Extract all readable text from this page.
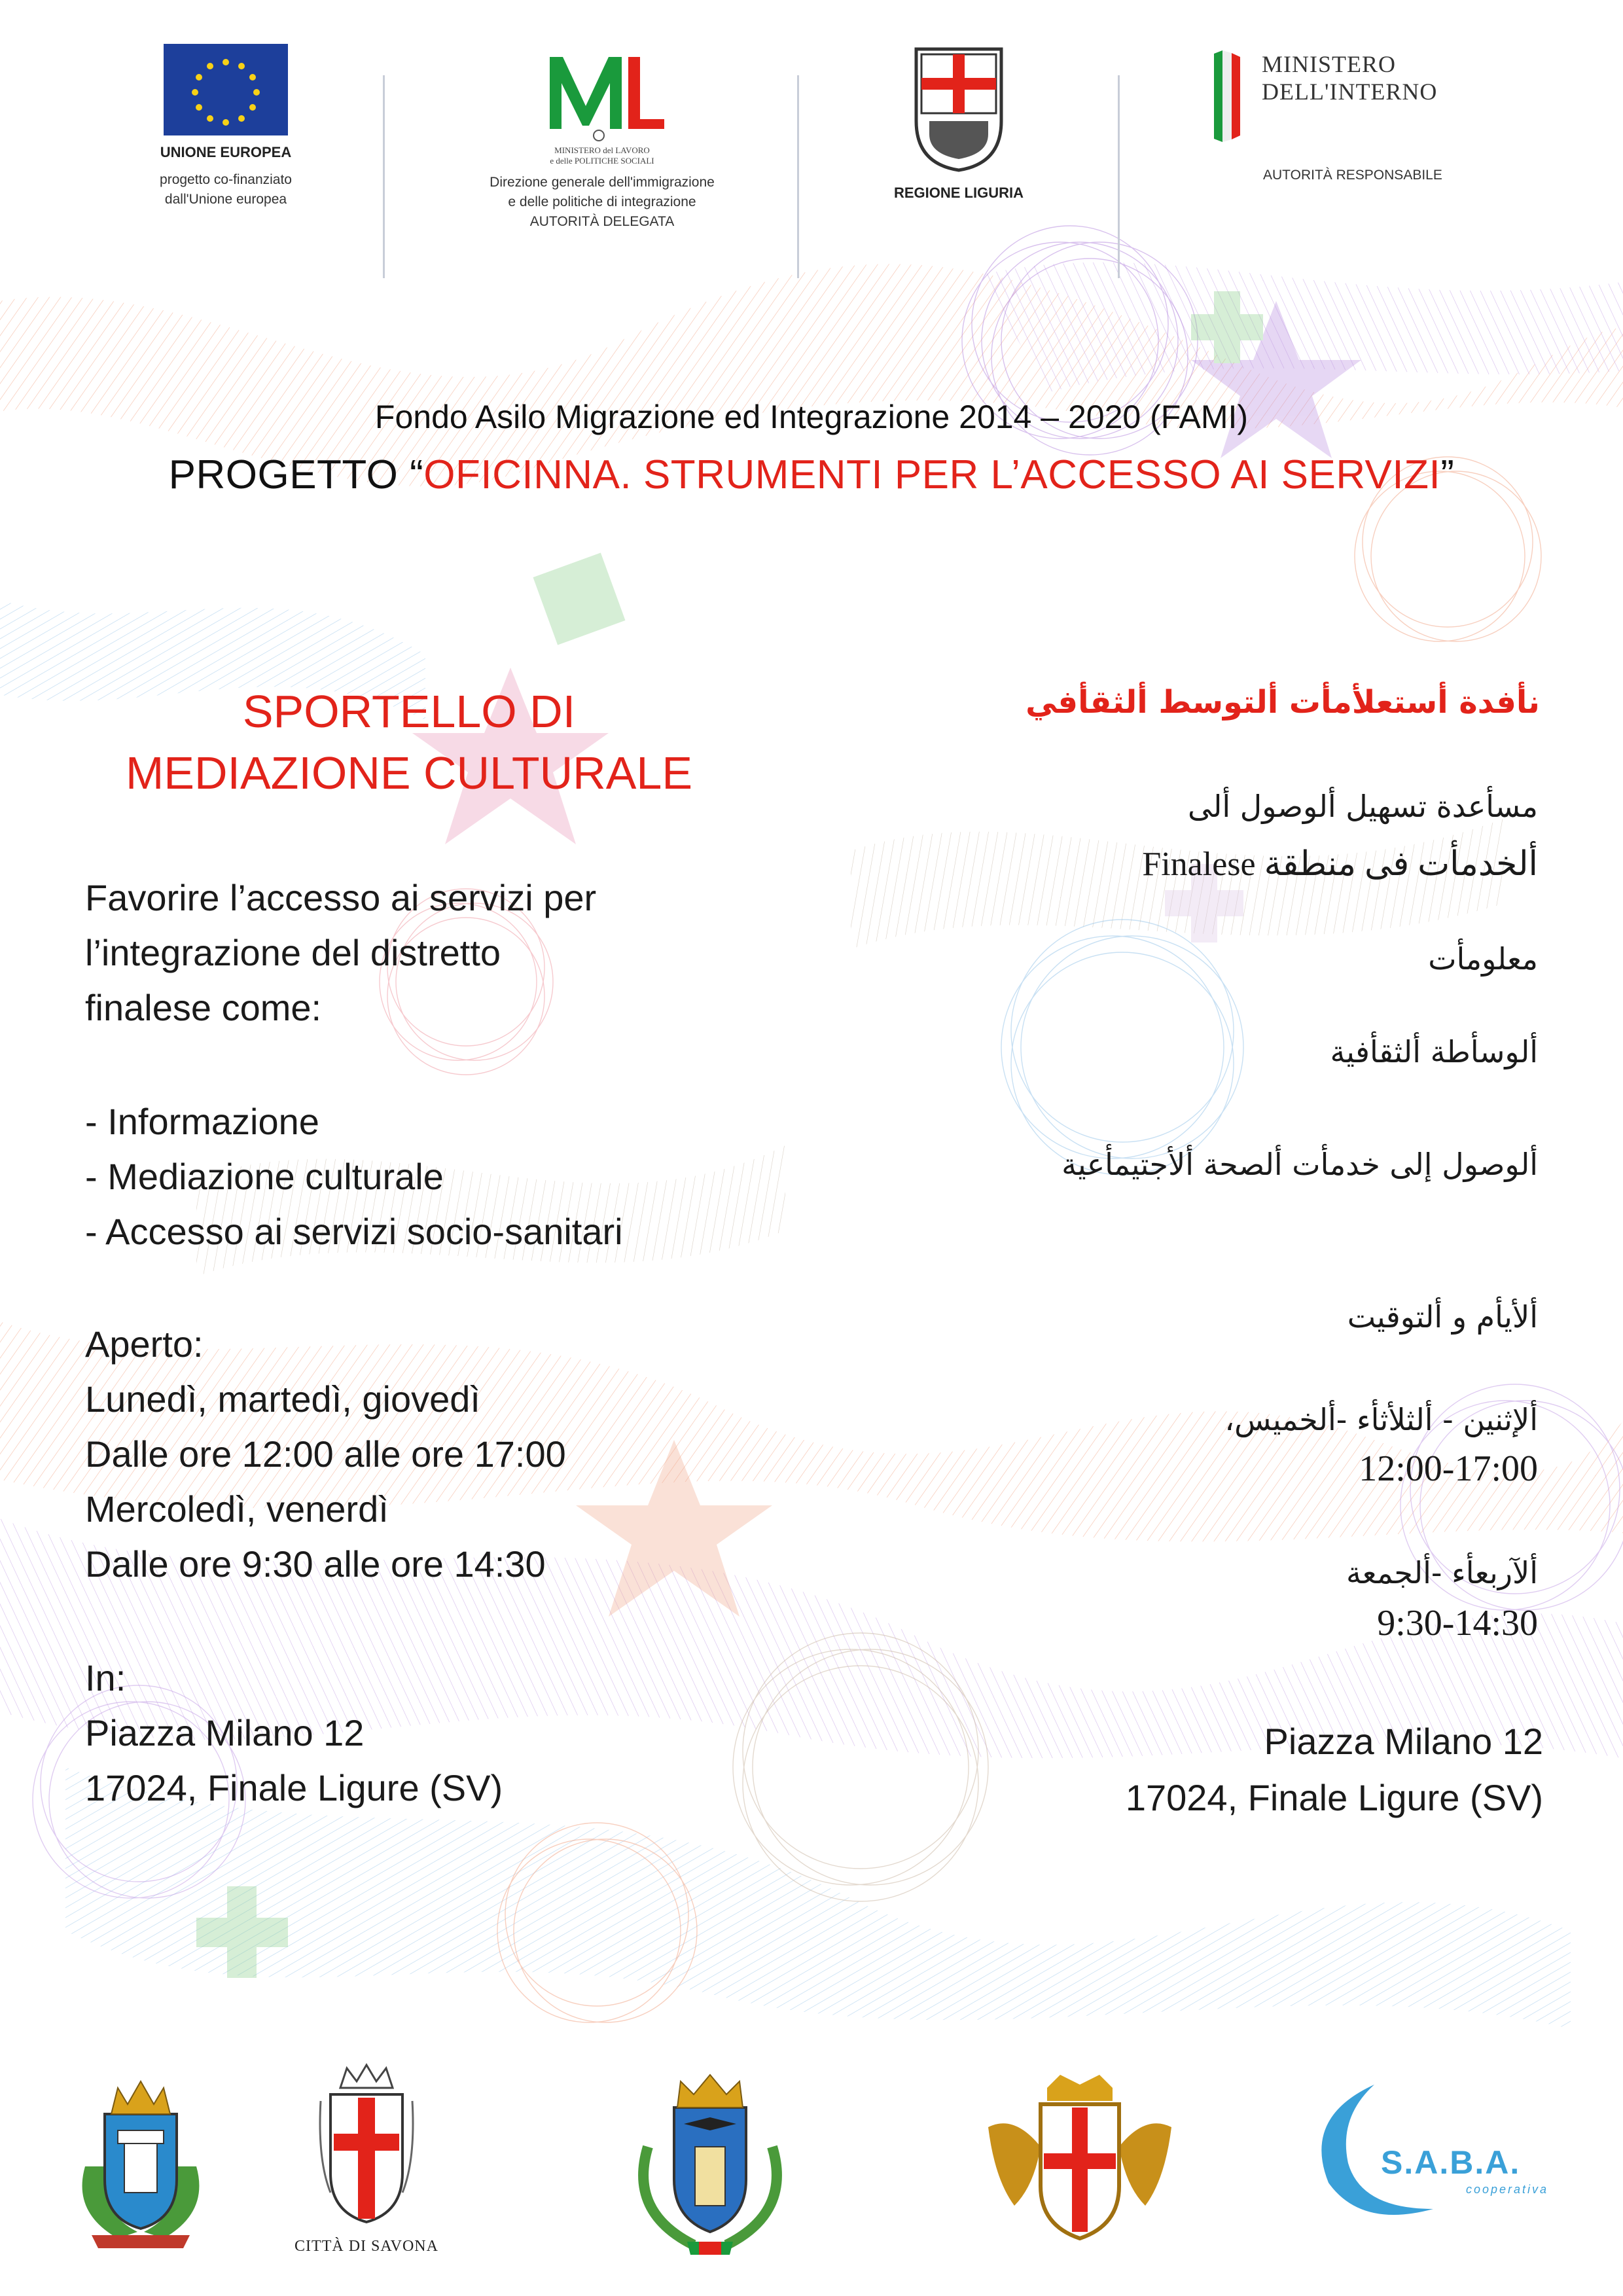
UNIONE EUROPEA
progetto co-finanziato
dall'Unione europea
MINISTERO del LAVORO
e delle POLITICHE SOCIALI
Direzione generale dell'immigrazione
e delle politiche di integrazione
AUTORITÀ DELEGATA
REGIONE LIGURIA
MINISTERO
DELL'INTERNO
AUTORITÀ RESPONSABILE
Fondo Asilo Migrazione ed Integrazione 2014 – 2020 (FAMI)
PROGETTO “OFICINNA. STRUMENTI PER L’ACCESSO AI SERVIZI”
SPORTELLO DI
MEDIAZIONE CULTURALE
Favorire l’accesso ai servizi per
l’integrazione del distretto
finalese come:
- Informazione
- Mediazione culturale
- Accesso ai servizi socio-sanitari
Aperto:
Lunedì, martedì, giovedì
Dalle ore 12:00 alle ore 17:00
Mercoledì, venerdì
Dalle ore 9:30 alle ore 14:30
In:
Piazza Milano 12
17024, Finale Ligure (SV)
نأفدة أستعلأمأت ألتوسط ألثقأفي
مسأعدة تسهيل ألوصول ألى
ألخدمأت فى منطقة Finalese
معلومأت
ألوسأطة ألثقأفية
ألوصول إلى خدمأت ألصحة ألأجتيمأعية
ألأيأم و ألتوقيت
ألإثنين - ألثلأثأء -ألخميس،
12:00-17:00
ألآربعأء -ألجمعة
9:30-14:30
Piazza Milano 12
17024, Finale Ligure (SV)
CITTÀ DI SAVONA
S.A.B.A.
cooperativa
